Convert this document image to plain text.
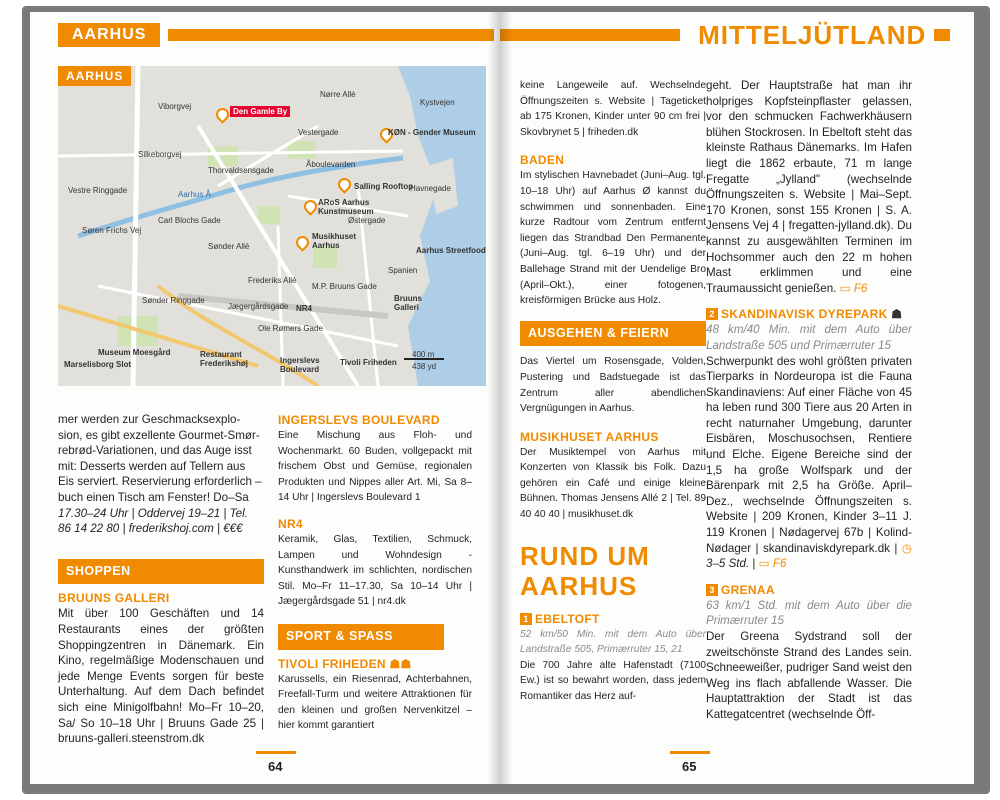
AARHUS
AARHUS
Viborgvej
Nørre Allé
Vestergade
Silkeborgvej
Thorvaldsensgade
Åboulevarden
Vestre Ringgade
Carl Blochs Gade
Søren Frichs Vej
Frederiks Allé
M.P. Bruuns Gade
Spanien
Sønder Allé
Jægergårdsgade
Ole Rømers Gade
Østergade
Sønder Ringgade
Kystvejen
Havnegade
Aarhus Å
Den Gamle By
KØN - Gender Museum
Salling Rooftop
ARoS Aarhus Kunstmuseum
Musikhuset Aarhus
Aarhus Streetfood
Bruuns Galleri
NR4
Museum Moesgård
Marselisborg Slot
Restaurant Frederikshøj	Ingerslevs Boulevard
Tivoli Friheden
400 m
438 yd

mer werden zur Geschmacksexplo-

sion, es gibt exzellente Gourmet-Smør-

rebrød-Variationen, und das Auge isst

mit: Desserts werden auf Tellern aus

Eis serviert. Reservierung erforderlich –

buch einen Tisch am Fenster! Do–Sa

17.30–24 Uhr | Oddervej 19–21 | Tel.

86 14 22 80 | frederikshoj.com | €€€

SHOPPEN

BRUUNS GALLERI

Mit über 100 Geschäften und 14 Restaurants eines der größten Shoppingzentren in Dänemark. Ein Kino, regelmäßige Modenschauen und jede Menge Events sorgen für beste Unterhaltung. Auf dem Dach befindet sich eine Minigolfbahn! Mo–Fr 10–20, Sa/ So 10–18 Uhr | Bruuns Gade 25 | bruuns-galleri.steenstrom.dk

INGERSLEVS BOULEVARD

Eine Mischung aus Floh- und Wochenmarkt. 60 Buden, vollgepackt mit frischem Obst und Gemüse, regionalen Produkten und Nippes aller Art. Mi, Sa 8–14 Uhr | Ingerslevs Boulevard 1

NR4

Keramik, Glas, Textilien, Schmuck, Lampen und Wohndesign - Kunsthandwerk im schlichten, nordischen Stil. Mo–Fr 11–17.30, Sa 10–14 Uhr | Jægergårdsgade 51 | nr4.dk

SPORT & SPASS

TIVOLI FRIHEDEN ☗☗

Karussells, ein Riesenrad, Achterbahnen, Freefall-Turm und weitere Attraktionen für den kleinen und großen Nervenkitzel – hier kommt garantiert

64
MITTELJÜTLAND

keine Langeweile auf. Wechselnde Öffnungszeiten s. Website | Tageticket ab 175 Kronen, Kinder unter 90 cm frei | Skovbrynet 5 | friheden.dk

BADEN

Im stylischen Havnebadet (Juni–Aug. tgl. 10–18 Uhr) auf Aarhus Ø kannst du schwimmen und sonnenbaden. Eine kurze Radtour vom Zentrum entfernt liegen das Strandbad Den Permanente (Juni–Aug. tgl. 6–19 Uhr) und der Ballehage Strand mit der Uendelige Bro (April–Okt.), einer fotogenen, kreisförmigen Brücke aus Holz.

AUSGEHEN & FEIERN

Das Viertel um Rosensgade, Volden, Pustering und Badstuegade ist das Zentrum aller abendlichen Vergnügungen in Aarhus.

MUSIKHUSET AARHUS

Der Musiktempel von Aarhus mit Konzerten von Klassik bis Folk. Dazu gehören ein Café und einige kleine Bühnen. Thomas Jensens Allé 2 | Tel. 89 40 40 40 | musikhuset.dk

RUND UM
AARHUS

1 EBELTOFT

52 km/50 Min. mit dem Auto über Landstraße 505, Primærruter 15, 21

Die 700 Jahre alte Hafenstadt (7100 Ew.) ist so bewahrt worden, dass jedem Romantiker das Herz auf-

geht. Der Hauptstraße hat man ihr holpriges Kopfsteinpflaster gelassen, vor den schmucken Fachwerkhäusern blühen Stockrosen. In Ebeltoft steht das kleinste Rathaus Dänemarks. Im Hafen liegt die 1862 erbaute, 71 m lange Fregatte „Jylland" (wechselnde Öffnungszeiten s. Website | Mai–Sept. 170 Kronen, sonst 155 Kronen | S. A. Jensens Vej 4 | fregatten-jylland.dk). Du kannst zu ausgewählten Terminen im Hochsommer auch den 22 m hohen Mast erklimmen und eine Traumaussicht genießen. ▭ F6

2 SKANDINAVISK DYREPARK ☗

48 km/40 Min. mit dem Auto über Landstraße 505 und Primærruter 15

Schwerpunkt des wohl größten privaten Tierparks in Nordeuropa ist die Fauna Skandinaviens: Auf einer Fläche von 45 ha leben rund 300 Tiere aus 20 Arten in recht naturnaher Umgebung, darunter Eisbären, Moschusochsen, Rentiere und Elche. Eigene Bereiche sind der 1,5 ha große Wolfspark und der Bärenpark mit 2,5 ha Größe. April–Dez., wechselnde Öffnungszeiten s. Website | 209 Kronen, Kinder 3–11 J. 119 Kronen | Nødagervej 67b | Kolind-Nødager | skandinaviskdyrepark.dk | ◷ 3–5 Std. | ▭ F6

3 GRENAA

63 km/1 Std. mit dem Auto über die Primærruter 15

Der Greena Sydstrand soll der zweitschönste Strand des Landes sein. Schneeweißer, pudriger Sand weist den Weg ins flach abfallende Wasser. Die Hauptattraktion der Stadt ist das Kattegatcentret (wechselnde Öff-

65
